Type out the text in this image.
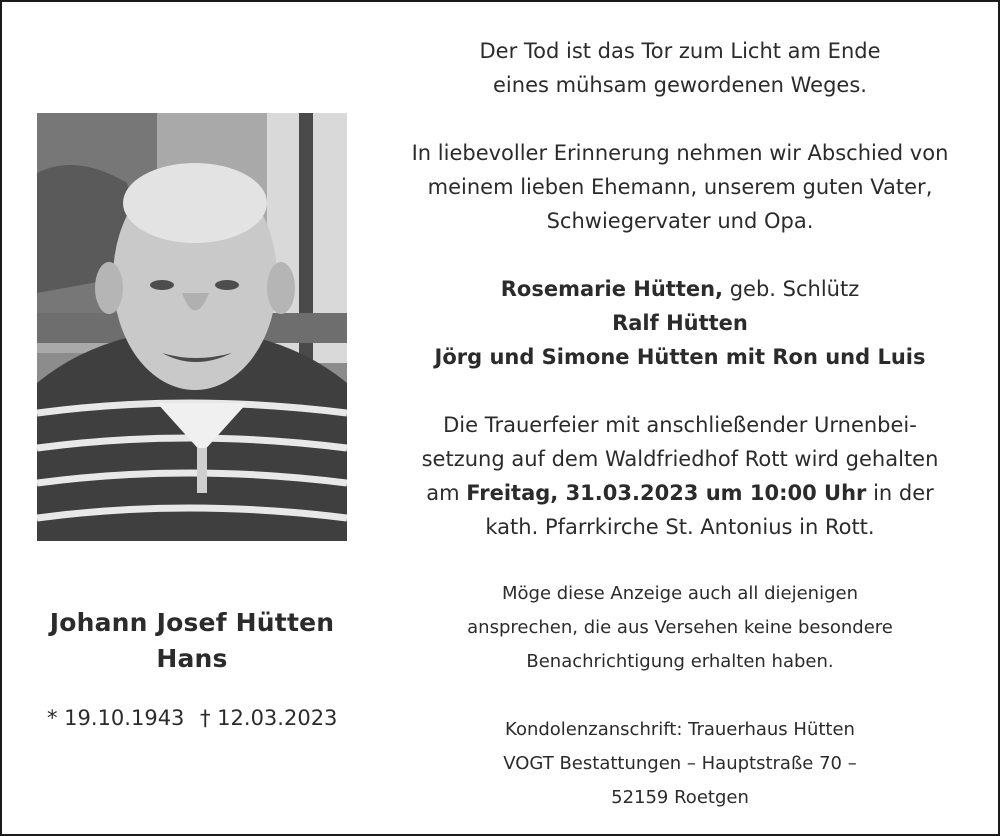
Johann Josef Hütten
Hans
* 19.10.1943 † 12.03.2023
Der Tod ist das Tor zum Licht am Ende
eines mühsam gewordenen Weges.
In liebevoller Erinnerung nehmen wir Abschied von
meinem lieben Ehemann, unserem guten Vater,
Schwiegervater und Opa.
Rosemarie Hütten, geb. Schlütz
Ralf Hütten
Jörg und Simone Hütten mit Ron und Luis
Die Trauerfeier mit anschließender Urnenbei-
setzung auf dem Waldfriedhof Rott wird gehalten
am Freitag, 31.03.2023 um 10:00 Uhr in der
kath. Pfarrkirche St. Antonius in Rott.
Möge diese Anzeige auch all diejenigen
ansprechen, die aus Versehen keine besondere
Benachrichtigung erhalten haben.
Kondolenzanschrift: Trauerhaus Hütten
VOGT Bestattungen – Hauptstraße 70 –
52159 Roetgen
